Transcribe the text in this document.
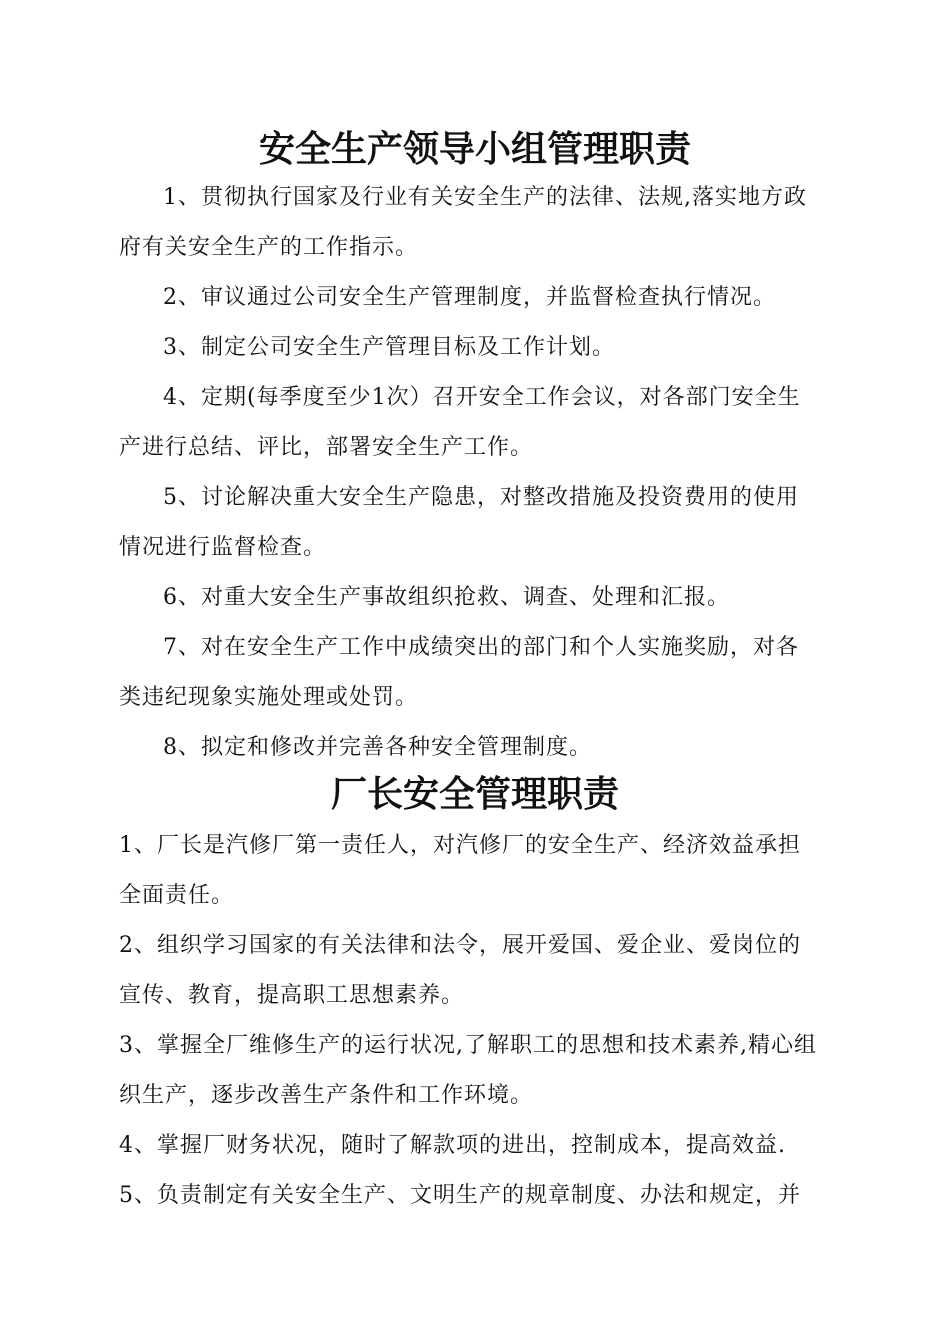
安全生产领导小组管理职责
1、贯彻执行国家及行业有关安全生产的法律、法规,落实地方政
府有关安全生产的工作指示。
2、审议通过公司安全生产管理制度，并监督检查执行情况。
3、制定公司安全生产管理目标及工作计划。
4、定期(每季度至少1次）召开安全工作会议，对各部门安全生
产进行总结、评比，部署安全生产工作。
5、讨论解决重大安全生产隐患，对整改措施及投资费用的使用
情况进行监督检查。
6、对重大安全生产事故组织抢救、调查、处理和汇报。
7、对在安全生产工作中成绩突出的部门和个人实施奖励，对各
类违纪现象实施处理或处罚。
8、拟定和修改并完善各种安全管理制度。
厂长安全管理职责
1、厂长是汽修厂第一责任人，对汽修厂的安全生产、经济效益承担
全面责任。
2、组织学习国家的有关法律和法令，展开爱国、爱企业、爱岗位的
宣传、教育，提高职工思想素养。
3、掌握全厂维修生产的运行状况,了解职工的思想和技术素养,精心组
织生产，逐步改善生产条件和工作环境。
4、掌握厂财务状况，随时了解款项的进出，控制成本，提高效益.
5、负责制定有关安全生产、文明生产的规章制度、办法和规定，并
